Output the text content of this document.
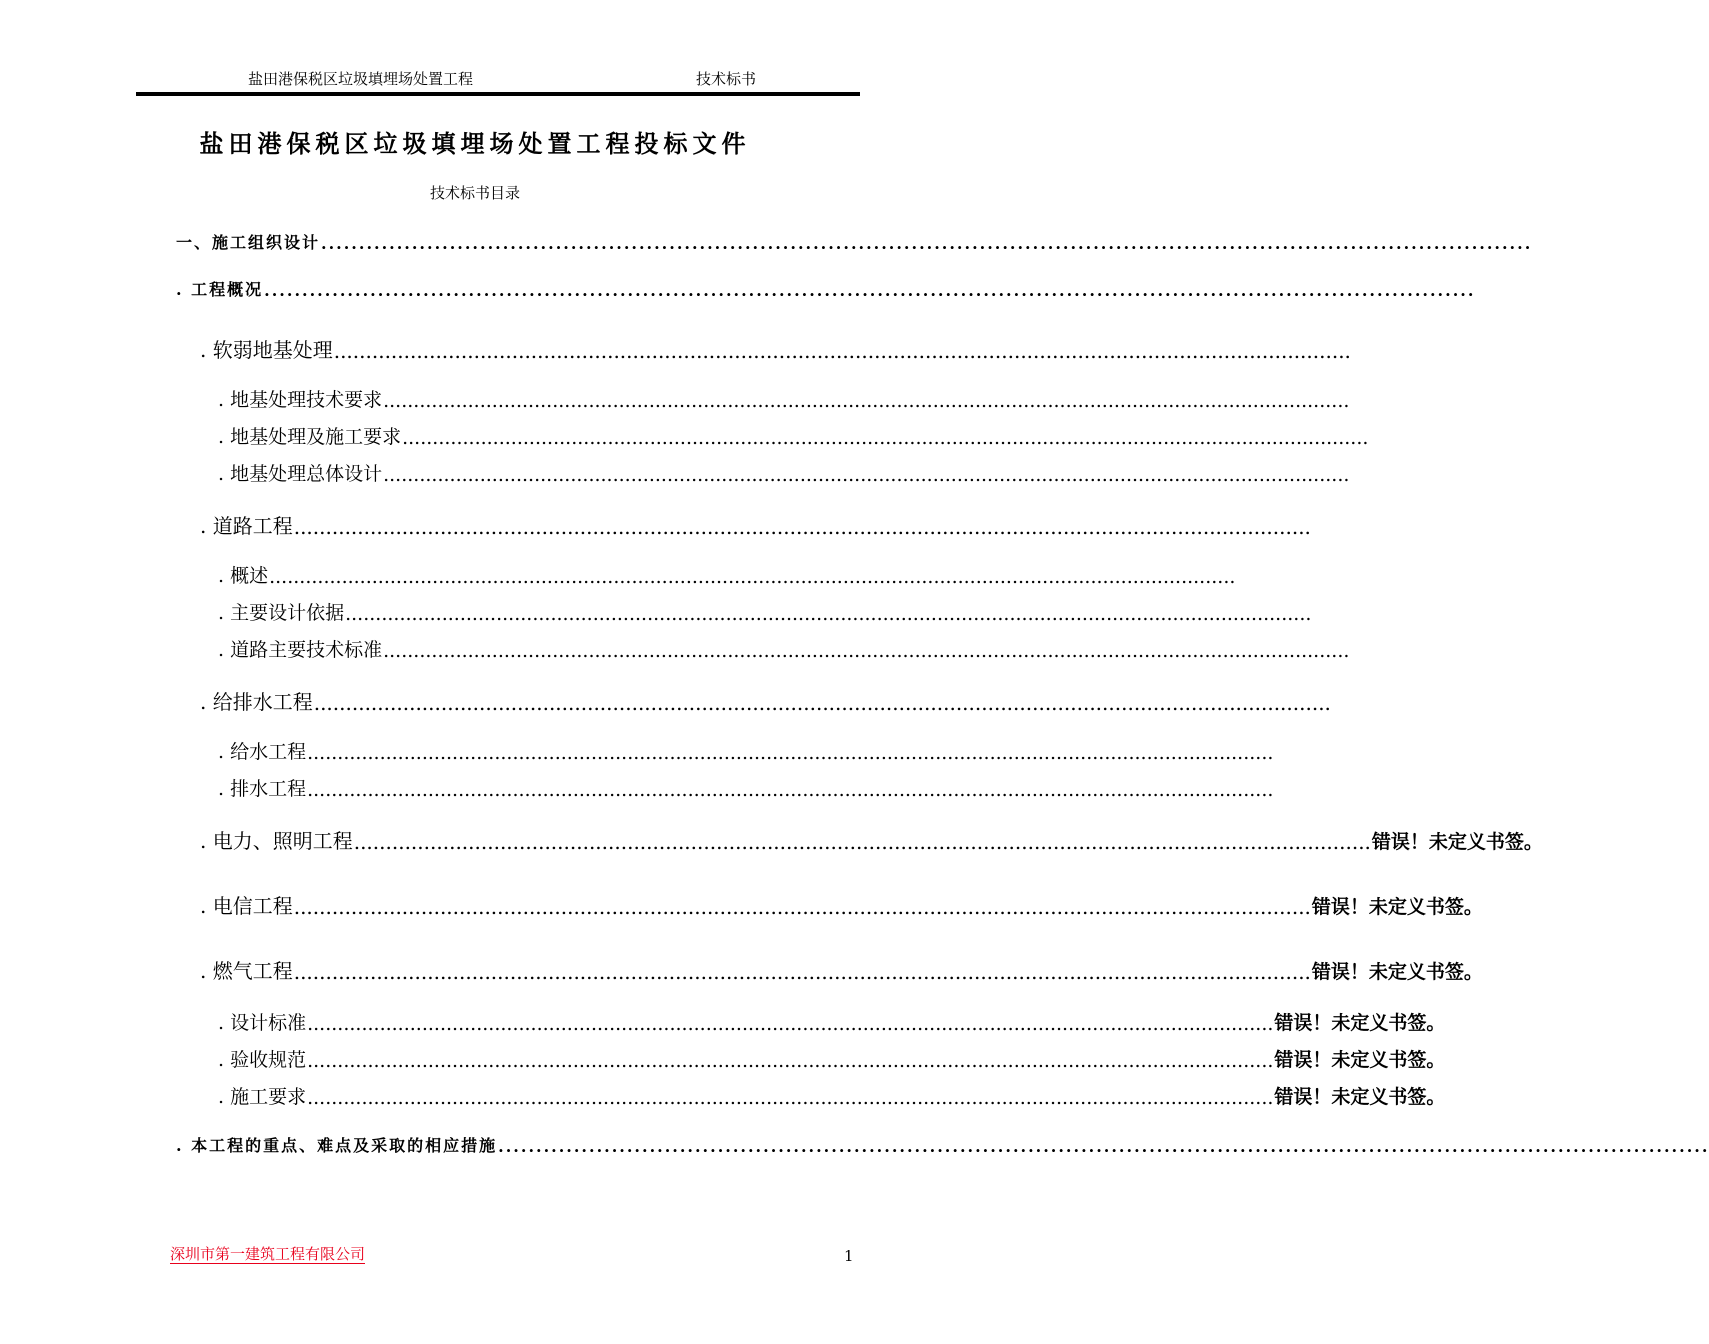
盐田港保税区垃圾填埋场处置工程	技术标书
盐田港保税区垃圾填埋场处置工程投标文件
技术标书目录
一、施工组织设计 ................................................................................................................................................................
. 工程概况 ................................................................................................................................................................
. 软弱地基处理 ................................................................................................................................................................
. 地基处理技术要求 ................................................................................................................................................................
. 地基处理及施工要求 ................................................................................................................................................................
. 地基处理总体设计 ................................................................................................................................................................
. 道路工程 ................................................................................................................................................................
. 概述 ................................................................................................................................................................
. 主要设计依据 ................................................................................................................................................................
. 道路主要技术标准 ................................................................................................................................................................
. 给排水工程 ................................................................................................................................................................
. 给水工程 ................................................................................................................................................................
. 排水工程 ................................................................................................................................................................
. 电力、照明工程 ................................................................................................................................................................ 错误！未定义书签。
. 电信工程 ................................................................................................................................................................ 错误！未定义书签。
. 燃气工程 ................................................................................................................................................................ 错误！未定义书签。
. 设计标准 ................................................................................................................................................................ 错误！未定义书签。
. 验收规范 ................................................................................................................................................................ 错误！未定义书签。
. 施工要求 ................................................................................................................................................................ 错误！未定义书签。
. 本工程的重点、难点及采取的相应措施 ................................................................................................................................................................
深圳市第一建筑工程有限公司	1
